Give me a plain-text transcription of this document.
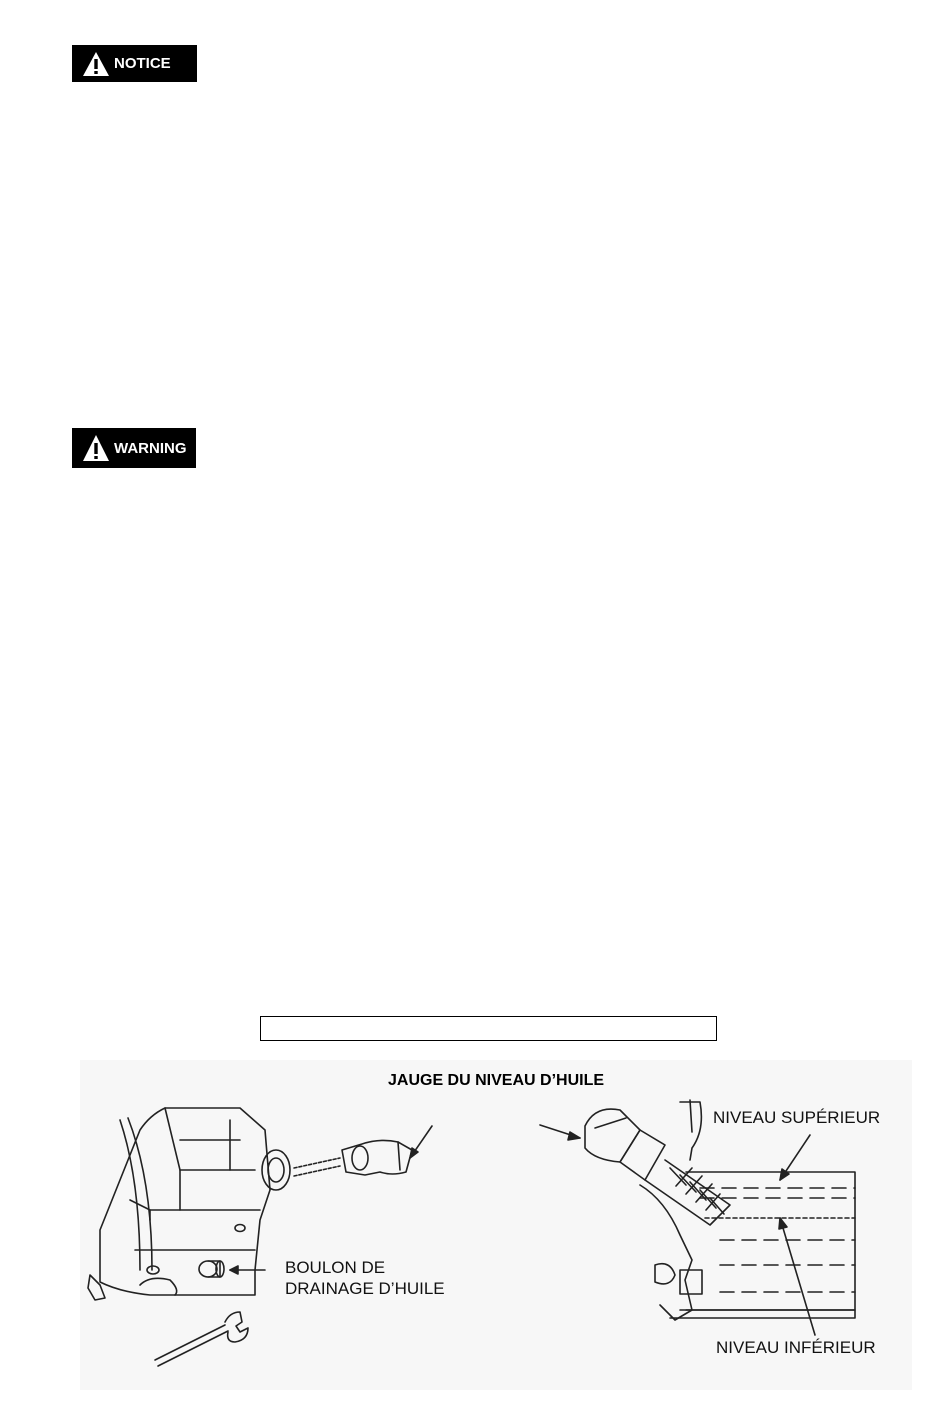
NOTICE
WARNING
JAUGE DU NIVEAU D’HUILE
BOULON DE
DRAINAGE D’HUILE
NIVEAU SUPÉRIEUR
NIVEAU INFÉRIEUR
